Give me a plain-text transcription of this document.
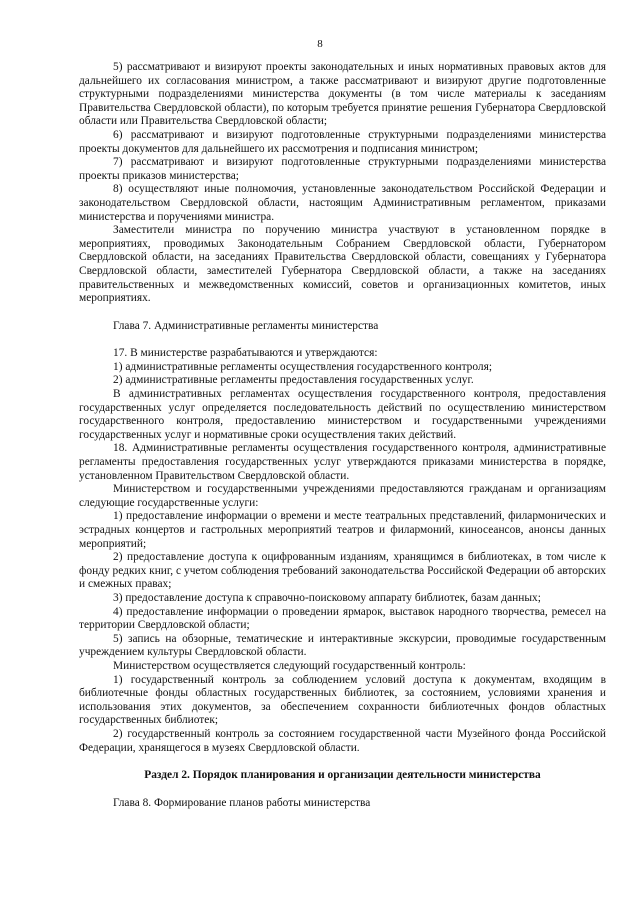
8

5) рассматривают и визируют проекты законодательных и иных нормативных правовых актов для дальнейшего их согласования министром, а также рассматривают и визируют другие подготовленные структурными подразделениями министерства документы (в том числе материалы к заседаниям Правительства Свердловской области), по которым требуется принятие решения Губернатора Свердловской области или Правительства Свердловской области;

6) рассматривают и визируют подготовленные структурными подразделениями министерства проекты документов для дальнейшего их рассмотрения и подписания министром;

7) рассматривают и визируют подготовленные структурными подразделениями министерства проекты приказов министерства;

8) осуществляют иные полномочия, установленные законодательством Российской Федерации и законодательством Свердловской области, настоящим Административным регламентом, приказами министерства и поручениями министра.

Заместители министра по поручению министра участвуют в установленном порядке в мероприятиях, проводимых Законодательным Собранием Свердловской области, Губернатором Свердловской области, на заседаниях Правительства Свердловской области, совещаниях у Губернатора Свердловской области, заместителей Губернатора Свердловской области, а также на заседаниях правительственных и межведомственных комиссий, советов и организационных комитетов, иных мероприятиях.

Глава 7. Административные регламенты министерства

17. В министерстве разрабатываются и утверждаются:

1) административные регламенты осуществления государственного контроля;

2) административные регламенты предоставления государственных услуг.

В административных регламентах осуществления государственного контроля, предоставления государственных услуг определяется последовательность действий по осуществлению министерством государственного контроля, предоставлению министерством и государственными учреждениями государственных услуг и нормативные сроки осуществления таких действий.

18. Административные регламенты осуществления государственного контроля, административные регламенты предоставления государственных услуг утверждаются приказами министерства в порядке, установленном Правительством Свердловской области.

Министерством и государственными учреждениями предоставляются гражданам и организациям следующие государственные услуги:

1) предоставление информации о времени и месте театральных представлений, филармонических и эстрадных концертов и гастрольных мероприятий театров и филармоний, киносеансов, анонсы данных мероприятий;

2) предоставление доступа к оцифрованным изданиям, хранящимся в библиотеках, в том числе к фонду редких книг, с учетом соблюдения требований законодательства Российской Федерации об авторских и смежных правах;

3) предоставление доступа к справочно-поисковому аппарату библиотек, базам данных;

4) предоставление информации о проведении ярмарок, выставок народного творчества, ремесел на территории Свердловской области;

5) запись на обзорные, тематические и интерактивные экскурсии, проводимые государственным учреждением культуры Свердловской области.

Министерством осуществляется следующий государственный контроль:

1) государственный контроль за соблюдением условий доступа к документам, входящим в библиотечные фонды областных государственных библиотек, за состоянием, условиями хранения и использования этих документов, за обеспечением сохранности библиотечных фондов областных государственных библиотек;

2) государственный контроль за состоянием государственной части Музейного фонда Российской Федерации, хранящегося в музеях Свердловской области.

Раздел 2. Порядок планирования и организации деятельности министерства

Глава 8. Формирование планов работы министерства
